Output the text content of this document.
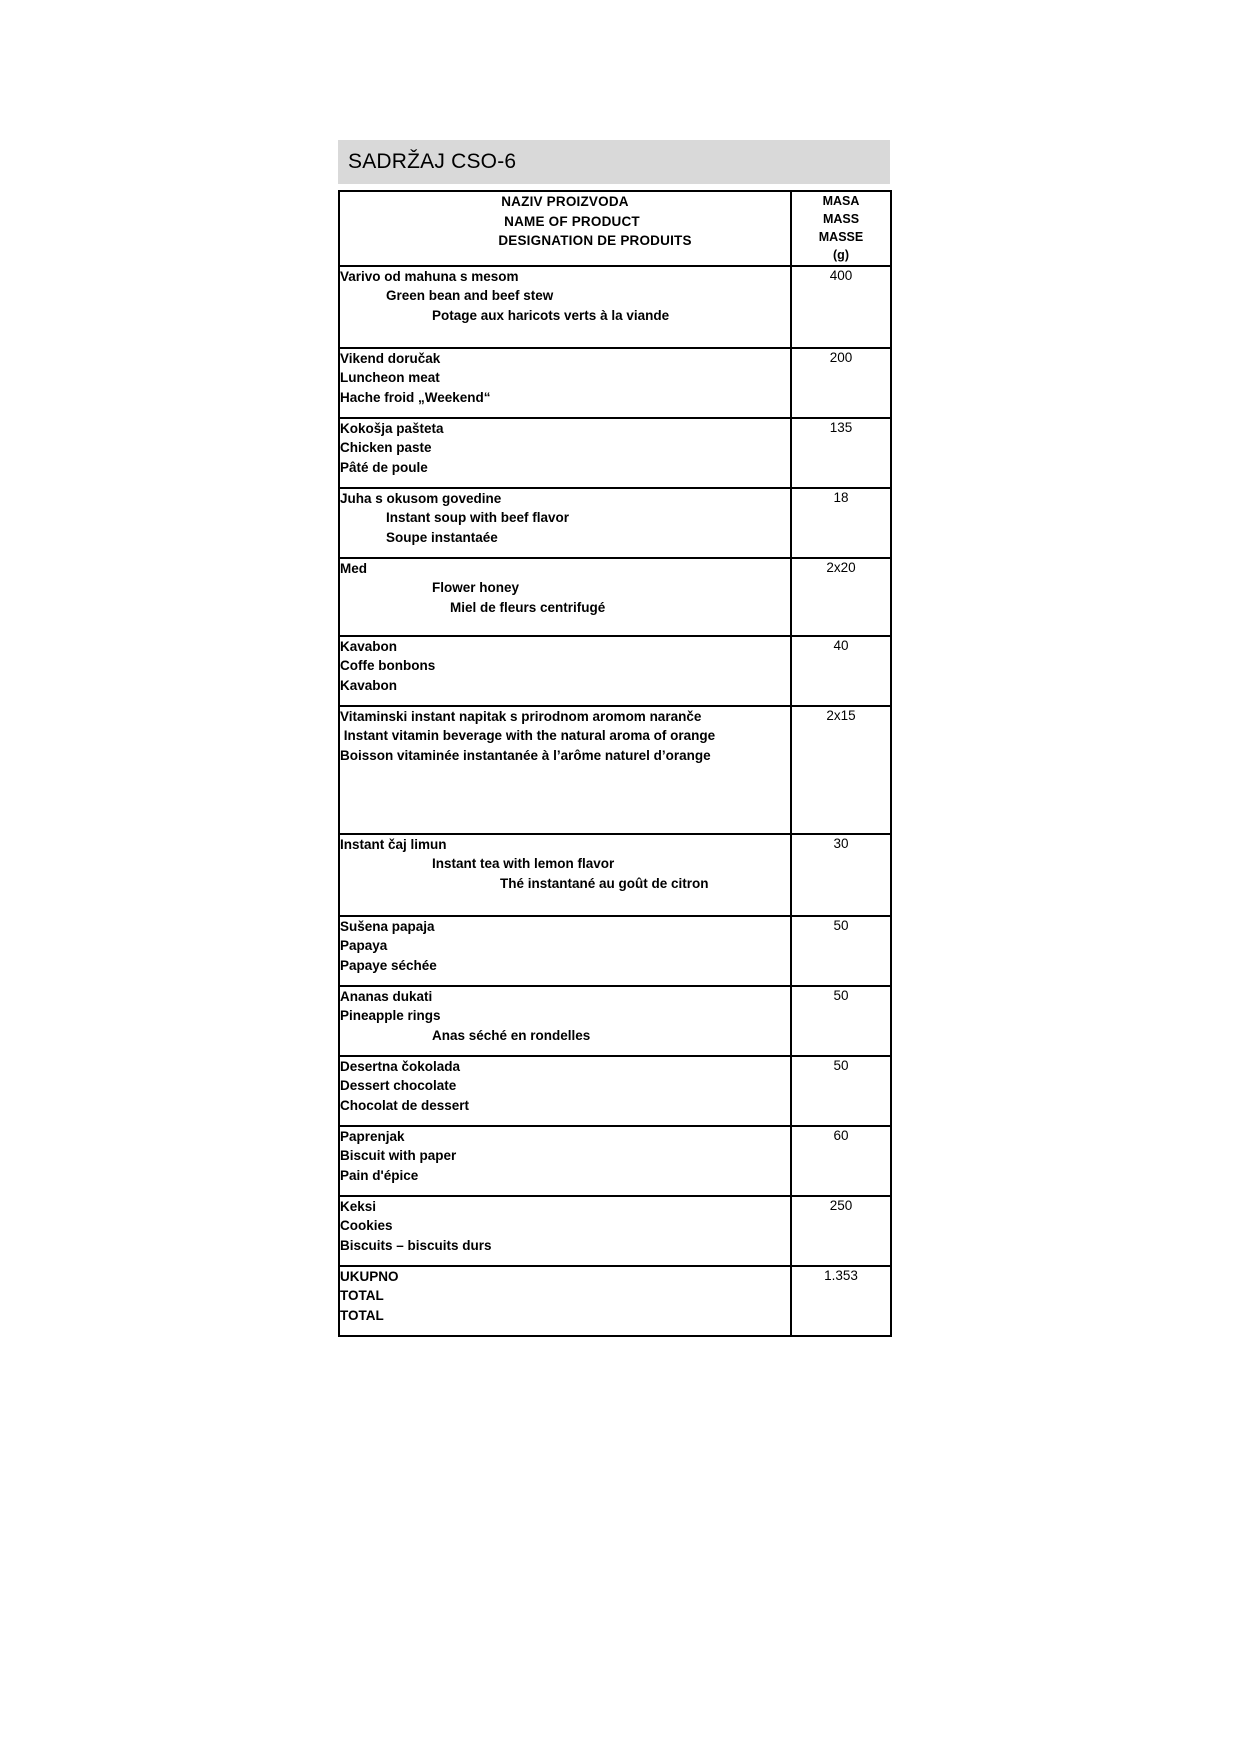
SADRŽAJ CSO-6
NAZIV PROIZVODA
NAME OF PRODUCT
DESIGNATION DE PRODUITS	MASA
MASS
MASSE
(g)

Varivo od mahuna s mesom
Green bean and beef stew
Potage aux haricots verts à la viande	400

Vikend doručak
Luncheon meat
Hache froid „Weekend“	200

Kokošja pašteta
Chicken paste
Pâté de poule	135

Juha s okusom govedine
Instant soup with beef flavor
Soupe instantaée	18

Med
Flower honey
Miel de fleurs centrifugé	2x20

Kavabon
Coffe bonbons
Kavabon	40

Vitaminski instant napitak s prirodnom aromom naranče
Instant vitamin beverage with the natural aroma of orange
Boisson vitaminée instantanée à l’arôme naturel d’orange	2x15

Instant čaj limun
Instant tea with lemon flavor
Thé instantané au goût de citron	30

Sušena papaja
Papaya
Papaye séchée	50

Ananas dukati
Pineapple rings
Anas séché en rondelles	50

Desertna čokolada
Dessert chocolate
Chocolat de dessert	50

Paprenjak
Biscuit with paper
Pain d'épice	60

Keksi
Cookies
Biscuits – biscuits durs	250

UKUPNO
TOTAL
TOTAL	1.353
